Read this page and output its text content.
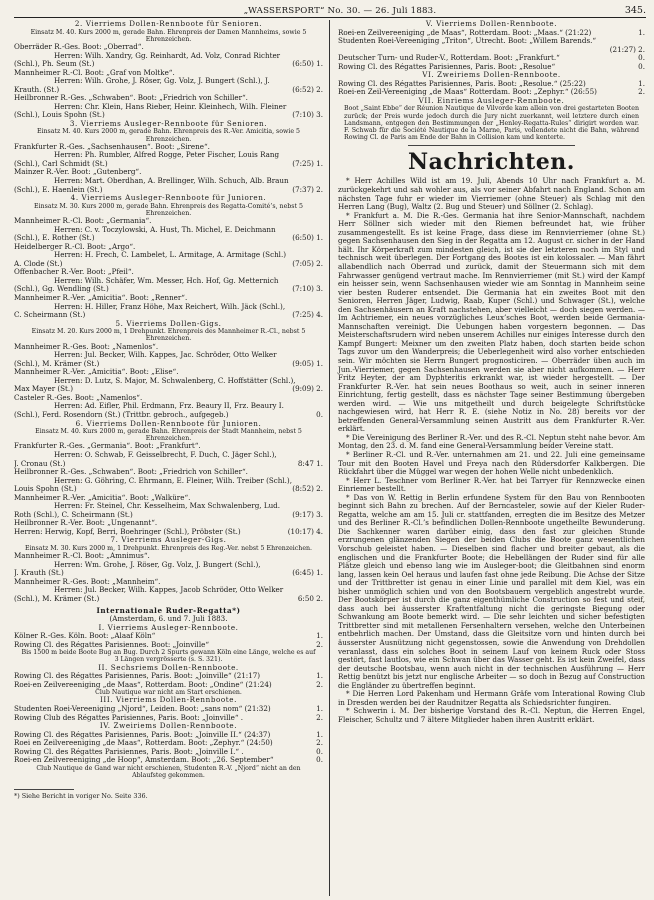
„WASSERSPORT“ No. 30. — 26. Juli 1883.	345.
2. Vierriems Dollen-Rennboote für Senioren.
Einsatz M. 40. Kurs 2000 m, gerade Bahn. Ehrenpreis der Damen Mannheims, sowie 5 Ehrenzeichen.
Oberräder R.-Ges. Boot: „Oberrad“.
Herren: Wilh. Xandry, Gg. Reinhardt, Ad. Volz, Conrad Richter
(Schl.), Ph. Seum (St.)	(6:50) 1.
Mannheimer R.-Cl. Boot: „Graf von Moltke“.
Herren: Wilh. Grohe, J. Röser, Gg. Volz, J. Bungert (Schl.), J.
Krauth. (St.)	(6:52) 2.
Heilbronner R.-Ges. „Schwaben“. Boot: „Friedrich von Schiller“.
Herren: Chr. Klein, Hans Rieber, Heinr. Kleinhech, Wilh. Fleiner
(Schl.), Louis Spohn (St.)	(7:10) 3.
3. Vierriems Ausleger-Rennboote für Senioren.
Einsatz M. 40. Kurs 2000 m, gerade Bahn. Ehrenpreis des R.-Ver. Amicitia, sowie 5 Ehrenzeichen.
Frankfurter R.-Ges. „Sachsenhausen“. Boot: „Sirene“.
Herren: Ph. Rumbler, Alfred Rogge, Peter Fischer, Louis Rang
(Schl.), Carl Schmidt (St.)	(7:25) 1.
Mainzer R.-Ver. Boot: „Gutenberg“.
Herren: Mart. Oberdhan, A. Brellinger, Wilh. Schuch, Alb. Braun
(Schl.), E. Haenlein (St.)	(7:37) 2.
4. Vierriems Ausleger-Rennboote für Junioren.
Einsatz M. 30. Kurs 2000 m, gerade Bahn. Ehrenpreis des Regatta-Comité’s, nebst 5 Ehrenzeichen.
Mannheimer R.-Cl. Boot: „Germania“.
Herren: C. v. Toczylowski, A. Hust, Th. Michel, E. Deichmann
(Schl.), E. Rother (St.)	(6:50) 1.
Heidelberger R.-Cl. Boot: „Argo“.
Herren: H. Frech, C. Lambelet, L. Armitage, A. Armitage (Schl.)
A. Clode (St.)	(7:05) 2.
Offenbacher R.-Ver. Boot: „Pfeil“.
Herren: Wilh. Schäfer, Wm. Messer, Hch. Hof, Gg. Metternich
(Schl.), Gg. Wendling (St.)	(7:10) 3.
Mannheimer R.-Ver. „Amicitia“. Boot: „Renner“.
Herren: H. Hiller, Franz Höhe, Max Reichert, Wilh. Jäck (Schl.),
C. Scheirmann (St.)	(7:25) 4.
5. Vierriems Dollen-Gigs.
Einsatz M. 20. Kurs 2000 m, 1 Drehpunkt. Ehrenpreis des Mannheimer R.-Cl., nebst 5 Ehrenzeichen.
Mannheimer R.-Ges. Boot: „Namenlos“.
Herren: Jul. Becker, Wilh. Kappes, Jac. Schröder, Otto Welker
(Schl.), M. Krämer (St.)	(9:05) 1.
Mannheimer R.-Ver. „Amicitia“. Boot: „Elise“.
Herren: D. Lutz, S. Major, M. Schwalenberg, C. Hoffstätter (Schl.),
Max Mayer (St.)	(9:09) 2.
Casteler R.-Ges. Boot: „Namenlos“.
Herren: Ad. Eifler, Phil. Erdmann, Frz. Beaury II, Frz. Beaury I.
(Schl.), Ferd. Rosendorn (St.) (Trittbr. gebroch., aufgegeb.)	0.
6. Vierriems Dollen-Rennboote für Junioren.
Einsatz M. 40. Kurs 2000 m, gerade Bahn. Ehrenpreis der Stadt Mannheim, nebst 5 Ehrenzeichen.
Frankfurter R.-Ges. „Germania“. Boot: „Frankfurt“.
Herren: O. Schwab, F. Geisselbrecht, F. Duch, C. Jäger Schl.),
J. Cronau (St.)	8:47 1.
Heilbronner R.-Ges. „Schwaben“. Boot: „Friedrich von Schiller“.
Herren: G. Göhring, C. Ehrmann, E. Fleiner, Wilh. Treiber (Schl.),
Louis Spohn (St.)	(8:52) 2.
Mannheimer R.-Ver. „Amicitia“. Boot: „Walküre“.
Herren: Fr. Steinel, Chr. Kesselheim, Max Schwalenberg, Lud.
Roth (Schl.), C. Scheirmann (St.)	(9:17) 3.
Heilbronner R.-Ver. Boot: „Ungenannt“.
Herren: Herwig, Kopf, Berri, Boehringer (Schl.), Pröbster (St.)	(10:17) 4.
7. Vierriems Ausleger-Gigs.
Einsatz M. 30. Kurs 2000 m, 1 Drehpunkt. Ehrenpreis des Reg.-Ver. nebst 5 Ehrenzeichen.
Mannheimer R.-Cl. Boot: „Amnimus“.
Herren: Wm. Grohe, J. Röser, Gg. Volz, J. Bungert (Schl.),
J. Krauth (St.)	(6:45) 1.
Mannheimer R.-Ges. Boot: „Mannheim“.
Herren: Jul. Becker, Wilh. Kappes, Jacob Schröder, Otto Welker
(Schl.), M. Krämer (St.)	6:50 2.
Internationale Ruder-Regatta*)
(Amsterdam, 6. und 7. Juli 1883.
I. Vierriems Ausleger-Rennboote.
Kölner R.-Ges. Köln. Boot: „Alaaf Köln“	1.
Rowing Cl. des Régattes Parisiennes. Boot: „Joinville“	2.
Bis 1500 m beide Boote Bug an Bug. Durch 2 Spurts gewann Köln eine Länge, welche es auf 3 Längen vergrösserte (s. S. 321).
II. Sechsriems Dollen-Rennboote.
Rowing Cl. des Régattes Parisiennes, Paris. Boot: „Joinville“ (21:17)	1.
Roei-en Zeilvereeniging „de Maas“, Rotterdam. Boot: „Ondine“ (21:24)	2.
Club Nautique war nicht am Start erschienen.
III. Vierriems Dollen-Rennboote.
Studenten Roei-Vereeniging „Njord“, Leiden. Boot: „sans nom“ (21:32)	1.
Rowing Club des Régattes Parisiennes, Paris. Boot: „Joinville“ .	2.
IV. Zweiriems Dollen-Rennboote.
Rowing Cl. des Régattes Parisiennes, Paris. Boot: „Joinville II.“ (24:37)	1.
Roei en Zeilvereeniging „de Maas“, Rotterdam. Boot: „Zephyr.“ (24:50)	2.
Rowing Cl. des Régattes Parisiennes, Paris. Boot: „Joinville I.“ .	0.
Roei-en Zeilvereeniging „de Hoop“, Amsterdam. Boot: „26. September“	0.
Club Nautique de Gand war nicht erschienen, Studenten R.-V. „Njord“ nicht an den Ablaufsteg gekommen.
*) Siehe Bericht in voriger No. Seite 336.
V. Vierriems Dollen-Rennboote.
Roei-en Zeilvereeniging „de Maas“, Rotterdam. Boot: „Maas.“ (21:22)	1.
Studenten Roei-Vereeniging „Triton“, Utrecht. Boot: „Willem Barends.“
(21:27) 2.
Deutscher Turn- und Ruder-V., Rotterdam. Boot: „Frankfurt.“	0.
Rowing Cl. des Régattes Parisiennes, Paris. Boot: „Resolue“	0.
VI. Zweiriems Dollen-Rennboote.
Rowing Cl. des Régattes Parisiennes, Paris. Boot: „Resolue.“ (25:22)	1.
Roei-en Zeil-Vereeniging „de Maas“ Rotterdam. Boot: „Zephyr.“ (26:55)	2.
VII. Einriems Ausleger-Rennboote.
Boot „Saint Ebbe“ der Réunion Nautique de Vilvorde kam allein von drei gestarteten Booten zurück; der Preis wurde jedoch durch die Jury nicht zuerkannt, weil letztere durch einen Landsmann, entgegen den Bestimmungen der „Henley-Regatta-Rules“ dirigirt worden war. F. Schwab für die Société Nautique de la Marne, Paris, vollendete nicht die Bahn, während Rowing Cl. de Paris am Ende der Bahn in Collision kam und kenterte.
Nachrichten.

* Herr Achilles Wild ist am 19. Juli, Abends 10 Uhr nach Frankfurt a. M. zurückgekehrt und sah wohler aus, als vor seiner Abfahrt nach England. Schon am nächsten Tage fuhr er wieder im Vierriemer (ohne Steuer) als Schlag mit den Herren Lang (Bug), Waltz (2. Bug und Steuer) und Söllner (2. Schlag).

* Frankfurt a. M. Die R.-Ges. Germania hat ihre Senior-Mannschaft, nachdem Herr Söllner sich wieder mit den Riemen befreundet hat, wie früher zusammengestellt. Es ist keine Frage, dass diese im Rennvierriemer (ohne St.) gegen Sachsenhausen den Sieg in der Regatta am 12. August cr. sicher in der Hand hält. Ihr Körperkraft zum mindesten gleich, ist sie der letzteren noch im Styl und technisch weit überlegen. Der Fortgang des Bootes ist ein kolossaler. — Man fährt allabendlich nach Oberrad und zurück, damit der Steuermann sich mit dem Fahrwasser genügend vertraut mache. Im Rennvierriemer (mit St.) wird der Kampf ein heisser sein, wenn Sachsenhausen wieder wie am Sonntag in Mannheim seine vier besten Ruderer entsendet. Die Germania hat ein zweites Boot mit den Senioren, Herren Jäger, Ludwig, Raab, Kuper (Schl.) und Schwager (St.), welche den Sachsenhäusern an Kraft nachstehen, aber vielleicht — doch siegen werden. — Im Achtriemer, ein neues vorzügliches Leux’sches Boot, werden beide Germania-Mannschaften vereinigt. Die Uebungen haben vorgestern begonnen. — Das Meisterschaftsrudern wird neben unserem Achilles nur einiges Interesse durch den Kampf Bungert: Meixner um den zweiten Platz haben, doch starten beide schon Tags zuvor um den Wanderpreis; die Ueberlegenheit wird also vorher entschieden sein. Wir möchten sie Herrn Bungert prognosticiren. — Oberräder üben auch im Jun.-Vierriemer, gegen Sachsenhausen werden sie aber nicht aufkommen. — Herr Fritz Heyter, der am Dyphteritis erkrankt war, ist wieder hergestellt. — Der Frankfurter R.-Ver. hat sein neues Boothaus so weit, auch in seiner inneren Einrichtung, fertig gestellt, dass es nächster Tage seiner Bestimmung übergeben werden wird. — Wie uns mitgetheilt und durch beigelegte Schriftstücke nachgewiesen wird, hat Herr R. E. (siehe Notiz in No. 28) bereits vor der betreffenden General-Versammlung seinen Austritt aus dem Frankfurter R.-Ver. erklärt.

* Die Vereinigung des Berliner R.-Ver. und des R.-Cl. Neptun steht nahe bevor. Am Montag, den 23. d. M. fand eine General-Versammlung beider Vereine statt.

* Berliner R.-Cl. und R.-Ver. unternahmen am 21. und 22. Juli eine gemeinsame Tour mit den Booten Havel und Freya nach den Rüdersdorfer Kalkbergen. Die Rückfahrt über die Müggel war wegen der hohen Welle nicht unbedenklich.

* Herr L. Teschner vom Berliner R.-Ver. hat bei Tarryer für Rennzwecke einen Einriemer bestellt.

* Das von W. Rettig in Berlin erfundene System für den Bau von Rennbooten beginnt sich Bahn zu brechen. Auf der Berncasteler, sowie auf der Kieler Ruder-Regatta, welche am am 15. Juli cr. stattfanden, erregten die im Besitze des Metzer und des Berliner R.-Cl.’s befindlichen Dollen-Rennboote ungetheilte Bewunderung. Die Sachkenner waren darüber einig, dass den fast zur gleichen Stunde erzrungenen glänzenden Siegen der beiden Clubs die Boote ganz wesentlichen Vorschub geleistet haben. — Dieselben sind flacher und breiter gebaut, als die englischen und die Frankfurter Boote; die Hebellängen der Ruder sind für alle Plätze gleich und ebenso lang wie im Ausleger-boot; die Gleitbahnen sind enorm lang, lassen kein Oel heraus und laufen fast ohne jede Reibung. Die Achse der Sitze und der Trittbretter ist genau in einer Linie und parallel mit dem Kiel, was ein bisher unmöglich schien und von den Bootsbauern vergeblich angestrebt wurde. Der Bootskörper ist durch die ganz eigenthümliche Construction so fest und steif, dass auch bei äusserster Kraftentfaltung nicht die geringste Biegung oder Schwankung am Boote bemerkt wird. — Die sehr leichten und sicher befestigten Trittbretter sind mit metallenen Fersenhaltern versehen, welche den Unterbeinen entbehrlich machen. Der Umstand, dass die Gleitsitze vorn und hinten durch bei äusserster Ausnützung nicht gegenstossen, sowie die Anwendung von Drehdollen veranlasst, dass ein solches Boot in seinem Lauf von keinem Ruck oder Stoss gestört, fast lautlos, wie ein Schwan über das Wasser geht. Es ist kein Zweifel, dass der deutsche Bootsbau, wenn auch nicht in der technischen Ausführung — Herr Rettig benützt bis jetzt nur englische Arbeiter — so doch in Bezug auf Construction die Engländer zu übertreffen beginnt.

* Die Herren Lord Pakenham und Hermann Gräfe vom Interational Rowing Club in Dresden werden bei der Raudnitzer Regatta als Schiedsrichter fungiren.

* Schwerin i. M. Der bisherige Vorstand des R.-Cl. Neptun, die Herren Engel, Fleischer, Schultz und 7 ältere Mitglieder haben ihren Austritt erklärt.
